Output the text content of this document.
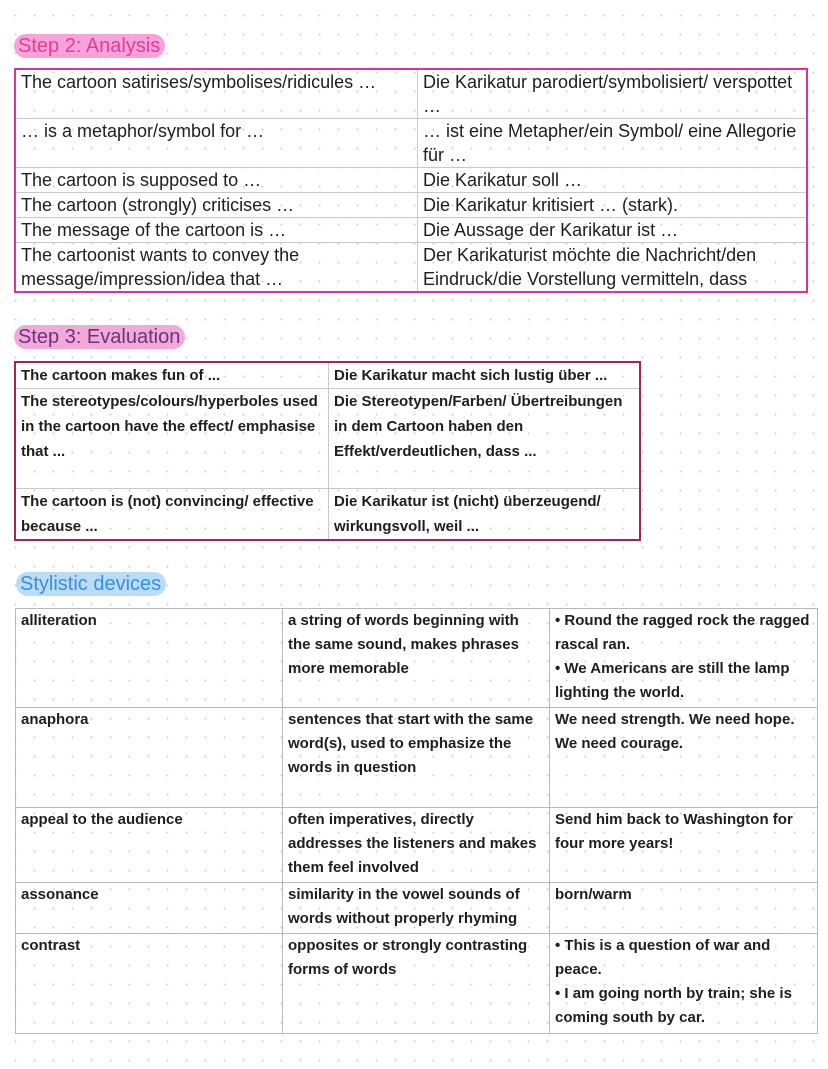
Step 2: Analysis
The cartoon satirises/symbolises/ridicules …	Die Karikatur parodiert/symbolisiert/ verspottet …
… is a metaphor/symbol for …	… ist eine Metapher/ein Symbol/ eine Allegorie für …
The cartoon is supposed to …	Die Karikatur soll …
The cartoon (strongly) criticises …	Die Karikatur kritisiert … (stark).
The message of the cartoon is …	Die Aussage der Karikatur ist …
The cartoonist wants to convey the message/impression/idea that …	Der Karikaturist möchte die Nachricht/den Eindruck/die Vorstellung vermitteln, dass
Step 3: Evaluation
The cartoon makes fun of ...	Die Karikatur macht sich lustig über ...
The stereotypes/colours/hyperboles used in the cartoon have the effect/ emphasise that ...	Die Stereotypen/Farben/ Übertreibungen in dem Cartoon haben den Effekt/verdeutlichen, dass ...
The cartoon is (not) convincing/ effective because ...	Die Karikatur ist (nicht) überzeugend/ wirkungsvoll, weil ...
Stylistic devices
alliteration	a string of words beginning with the same sound, makes phrases more memorable	• Round the ragged rock the ragged rascal ran.
• We Americans are still the lamp lighting the world.

anaphora	sentences that start with the same word(s), used to emphasize the words in question	We need strength. We need hope. We need courage.

appeal to the audience	often imperatives, directly addresses the listeners and makes them feel involved	Send him back to Washington for four more years!

assonance	similarity in the vowel sounds of words without properly rhyming	born/warm

contrast	opposites or strongly contrasting forms of words	• This is a question of war and peace.
• I am going north by train; she is coming south by car.
